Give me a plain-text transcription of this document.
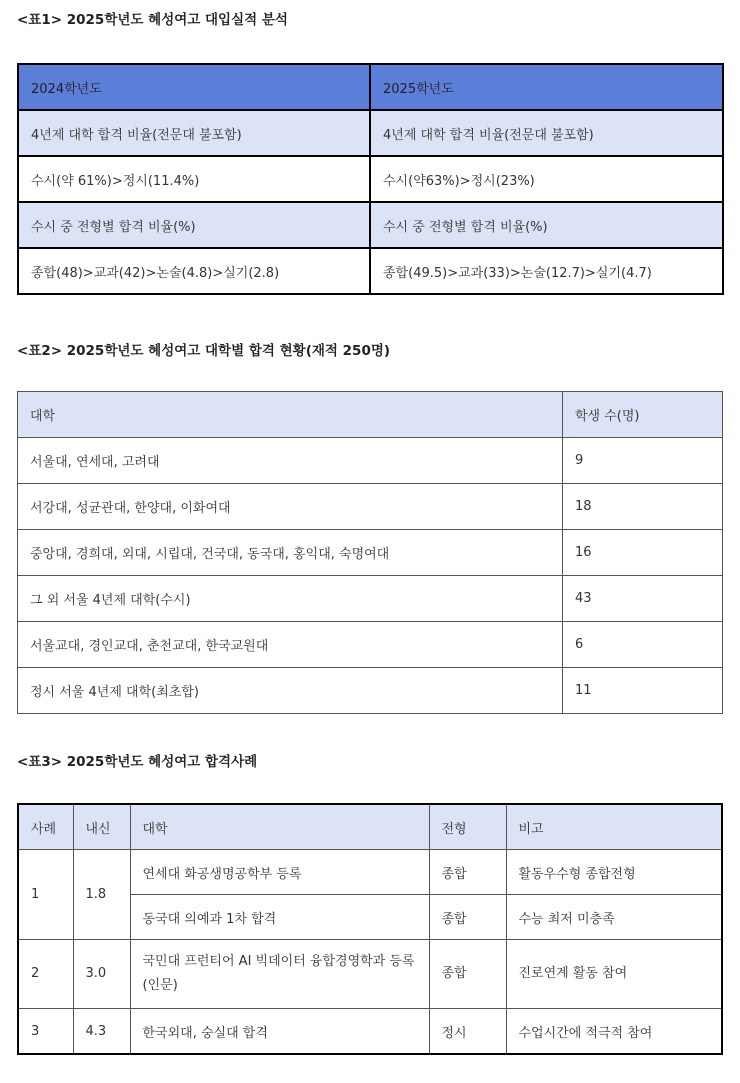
<표1> 2025학년도 혜성여고 대입실적 분석
2024학년도	2025학년도
4년제 대학 합격 비율(전문대 불포함)	4년제 대학 합격 비율(전문대 불포함)
수시(약 61%)>정시(11.4%)	수시(약63%)>정시(23%)
수시 중 전형별 합격 비율(%)	수시 중 전형별 합격 비율(%)
종합(48)>교과(42)>논술(4.8)>실기(2.8)	종합(49.5)>교과(33)>논술(12.7)>실기(4.7)
<표2> 2025학년도 혜성여고 대학별 합격 현황(재적 250명)
대학	학생 수(명)
서울대, 연세대, 고려대	9
서강대, 성균관대, 한양대, 이화여대	18
중앙대, 경희대, 외대, 시립대, 건국대, 동국대, 홍익대, 숙명여대	16
그 외 서울 4년제 대학(수시)	43
서울교대, 경인교대, 춘천교대, 한국교원대	6
정시 서울 4년제 대학(최초합)	11
<표3> 2025학년도 혜성여고 합격사례
사례	내신	대학	전형	비고
1	1.8	연세대 화공생명공학부 등록	종합	활동우수형 종합전형
		동국대 의예과 1차 합격	종합	수능 최저 미충족
2	3.0	국민대 프런티어 AI 빅데이터 융합경영학과 등록(인문)	종합	진로연계 활동 참여
3	4.3	한국외대, 숭실대 합격	정시	수업시간에 적극적 참여
